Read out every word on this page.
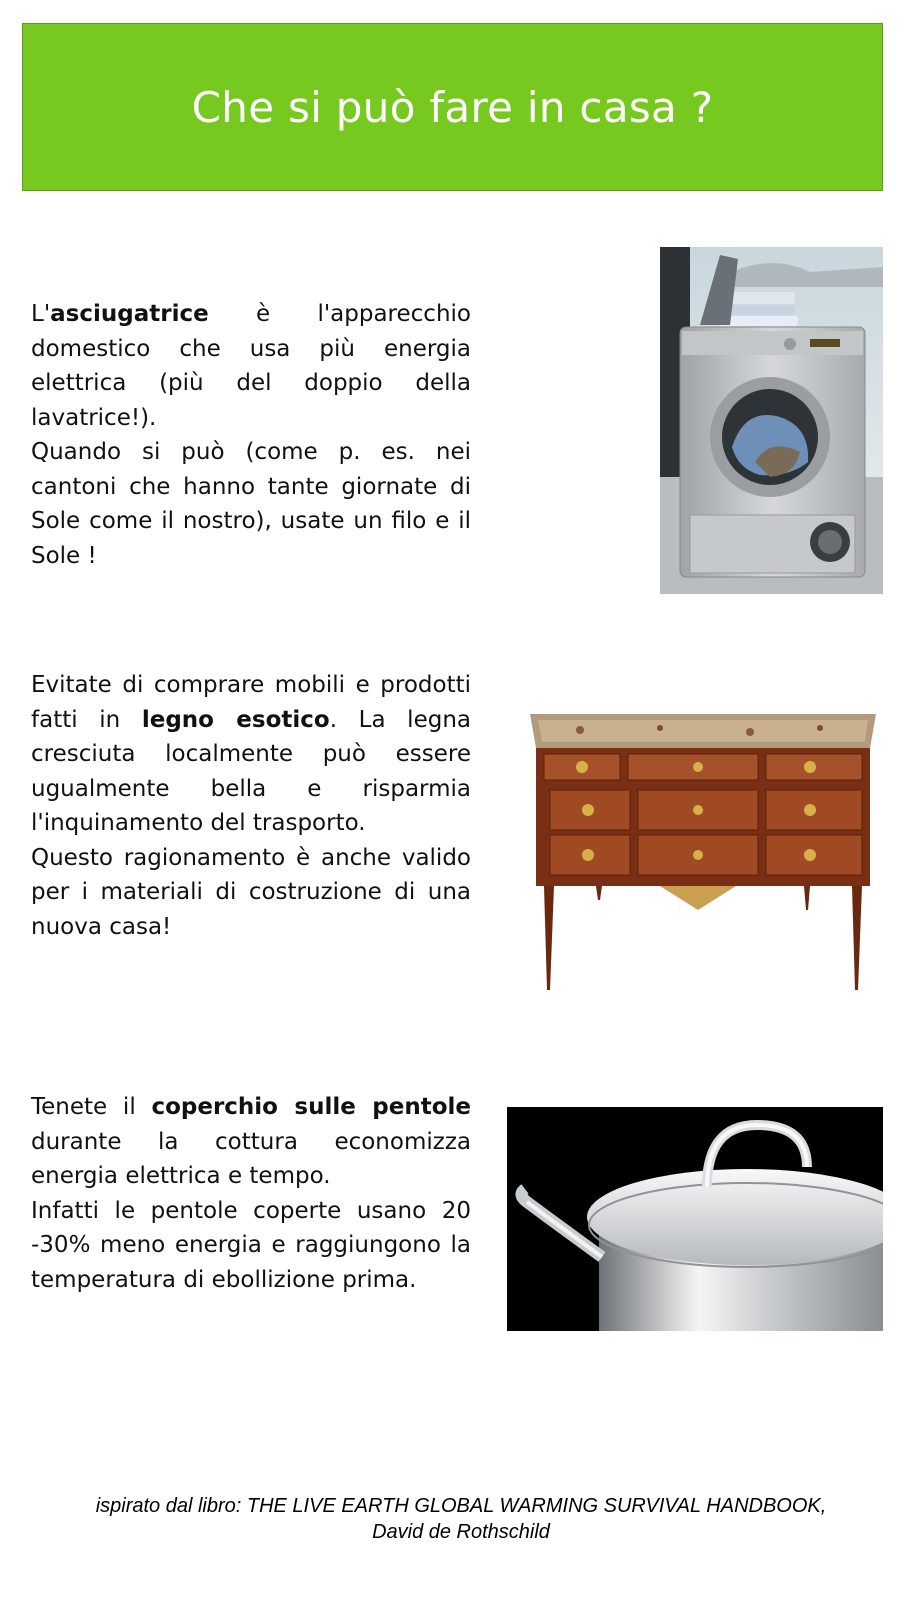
Che si può fare in casa ?

L'asciugatrice è l'apparecchio domestico che usa più energia elettrica (più del doppio della lavatrice!).

Quando si può (come p. es. nei cantoni che hanno tante giornate di Sole come il nostro), usate un filo e il Sole !

Evitate di comprare mobili e prodotti fatti in legno esotico. La legna cresciuta localmente può essere ugualmente bella e risparmia l'inquinamento del trasporto.

Questo ragionamento è anche valido per i materiali di costruzione di una nuova casa!

Tenete il coperchio sulle pentole durante la cottura economizza energia elettrica e tempo.

Infatti le pentole coperte usano 20 -30% meno energia e raggiungono la temperatura di ebollizione prima.

ispirato dal libro: THE LIVE EARTH GLOBAL WARMING SURVIVAL HANDBOOK,
David de Rothschild
